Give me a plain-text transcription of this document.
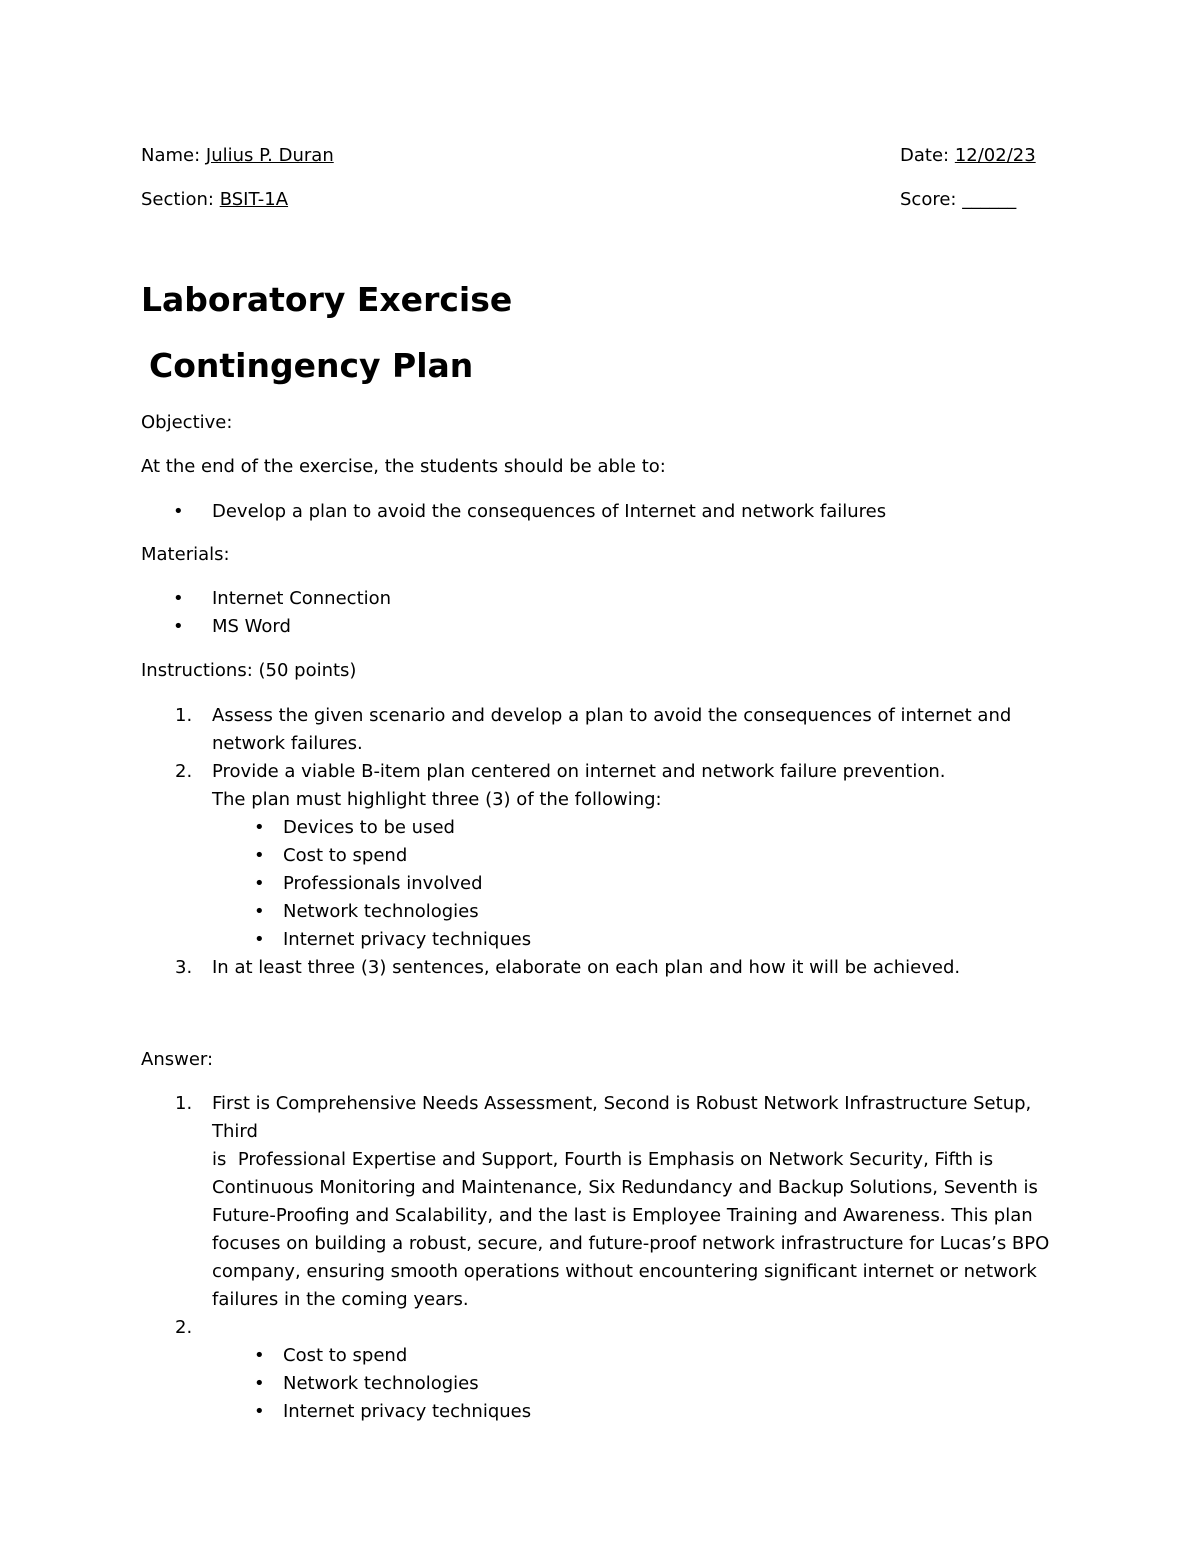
Name: Julius P. Duran	Date: 12/02/23
Section: BSIT-1A	Score: ______
Laboratory Exercise
Contingency Plan
Objective:
At the end of the exercise, the students should be able to:
• Develop a plan to avoid the consequences of Internet and network failures
Materials:
• Internet Connection
• MS Word
Instructions: (50 points)
1. Assess the given scenario and develop a plan to avoid the consequences of internet and network failures.
2. Provide a viable B-item plan centered on internet and network failure prevention.
The plan must highlight three (3) of the following:
• Devices to be used
• Cost to spend
• Professionals involved
• Network technologies
• Internet privacy techniques
3. In at least three (3) sentences, elaborate on each plan and how it will be achieved.
Answer:
1. First is Comprehensive Needs Assessment, Second is Robust Network Infrastructure Setup, Third
is  Professional Expertise and Support, Fourth is Emphasis on Network Security, Fifth is
Continuous Monitoring and Maintenance, Six Redundancy and Backup Solutions, Seventh is
Future-Proofing and Scalability, and the last is Employee Training and Awareness. This plan
focuses on building a robust, secure, and future-proof network infrastructure for Lucas’s BPO
company, ensuring smooth operations without encountering significant internet or network
failures in the coming years.
2.
• Cost to spend
• Network technologies
• Internet privacy techniques
